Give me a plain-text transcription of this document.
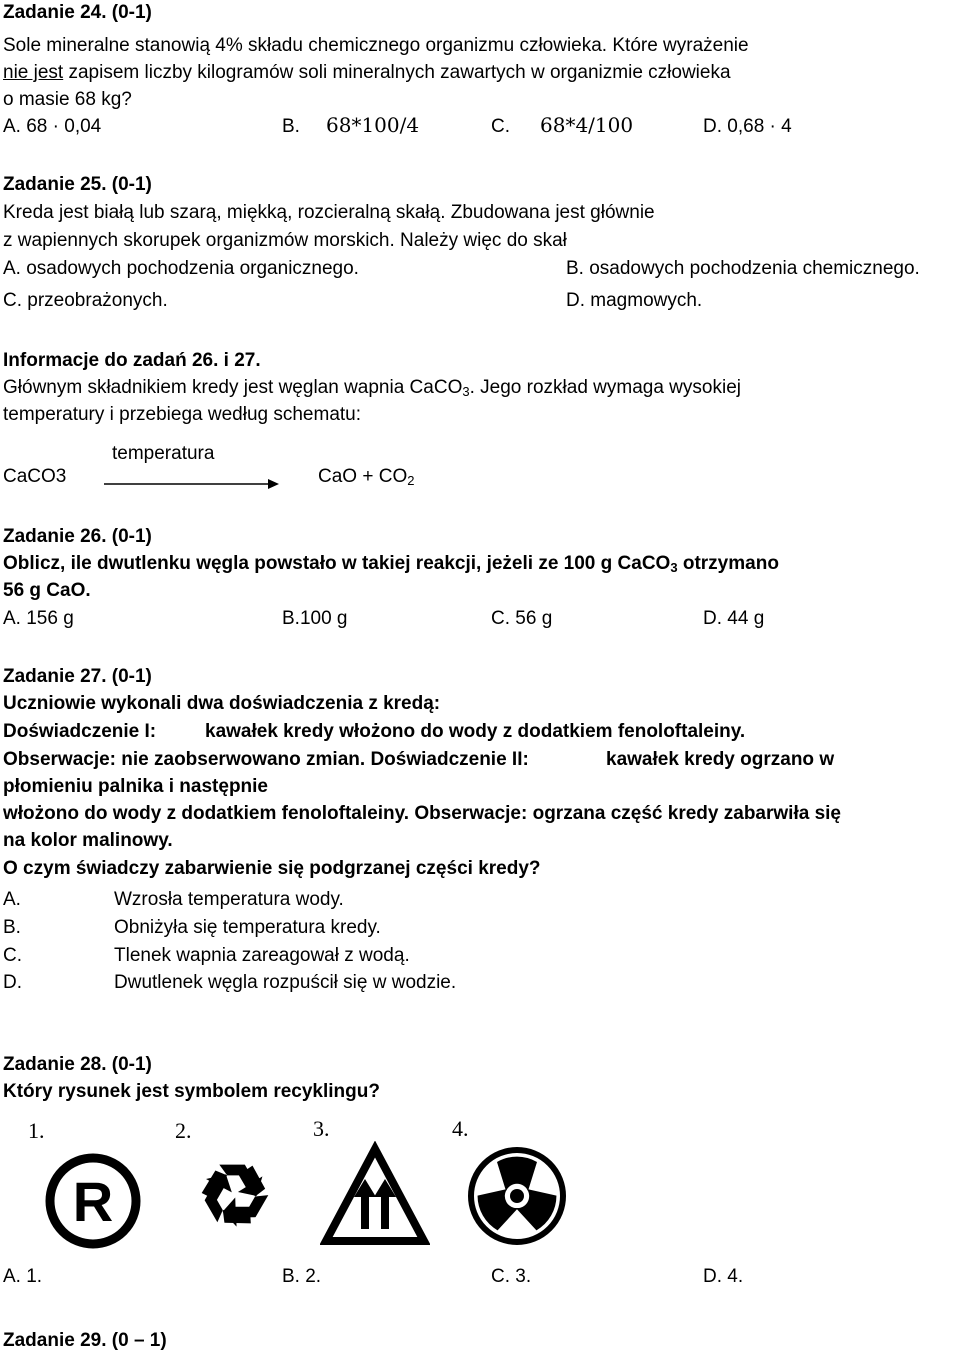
Zadanie 24. (0-1)
Sole mineralne stanowią 4% składu chemicznego organizmu człowieka. Które wyrażenie
nie jest zapisem liczby kilogramów soli mineralnych zawartych w organizmie człowieka
o masie 68 kg?
A. 68 · 0,04	B. 68*100/4	C. 68*4/100	D. 0,68 · 4
Zadanie 25. (0-1)
Kreda jest białą lub szarą, miękką, rozcieralną skałą. Zbudowana jest głównie
z wapiennych skorupek organizmów morskich. Należy więc do skał
A. osadowych pochodzenia organicznego.	B. osadowych pochodzenia chemicznego.
C. przeobrażonych.	D. magmowych.
Informacje do zadań 26. i 27.
Głównym składnikiem kredy jest węglan wapnia CaCO$_3$. Jego rozkład wymaga wysokiej
temperatury i przebiega według schematu:
temperatura
CaCO3	CaO + $CO_2$
Zadanie 26. (0-1)
Oblicz, ile dwutlenku węgla powstało w takiej reakcji, jeżeli ze 100 g CaCO$_3$ otrzymano
56 g CaO.
A. 156 g	B.100 g	C. 56 g	D. 44 g
Zadanie 27. (0-1)
Uczniowie wykonali dwa doświadczenia z kredą:
Doświadczenie I:	kawałek kredy włożono do wody z dodatkiem fenoloftaleiny.
Obserwacje: nie zaobserwowano zmian. Doświadczenie II:	kawałek kredy ogrzano w
płomieniu palnika i następnie
włożono do wody z dodatkiem fenoloftaleiny. Obserwacje: ogrzana część kredy zabarwiła się
na kolor malinowy.
O czym świadczy zabarwienie się podgrzanej części kredy?
A.	Wzrosła temperatura wody.
B.	Obniżyła się temperatura kredy.
C.	Tlenek wapnia zareagował z wodą.
D.	Dwutlenek węgla rozpuścił się w wodzie.
Zadanie 28. (0-1)
Który rysunek jest symbolem recyklingu?
1.	2.	3.	4.
R
A. 1.	B. 2.	C. 3.	D. 4.
Zadanie 29. (0 – 1)
